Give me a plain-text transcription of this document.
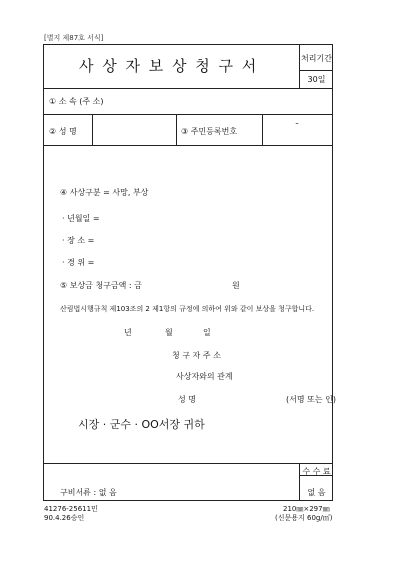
[별지 제87호 서식]
사 상 자 보 상 청 구 서	처리기간
30일
① 소 속 (주 소)
② 성 명	③ 주민등록번호
˜
④ 사상구분 = 사망, 부상
· 년월일 =
· 장 소 =
· 경 위 =
⑤ 보상금 청구금액 : 금	원
산림법시행규칙 제103조의 2 제1항의 규정에 의하여 위와 같이 보상을 청구합니다.
년	월	일
청 구 자 주 소
사상자와의 관계
성 명	(서명 또는 인)
시장 · 군수 · OO서장 귀하
구비서류 : 없 음
수 수 료
없 음
41276-25611민
90.4.26승인
210㎜×297㎜
(신문용지 60g/㎡)
